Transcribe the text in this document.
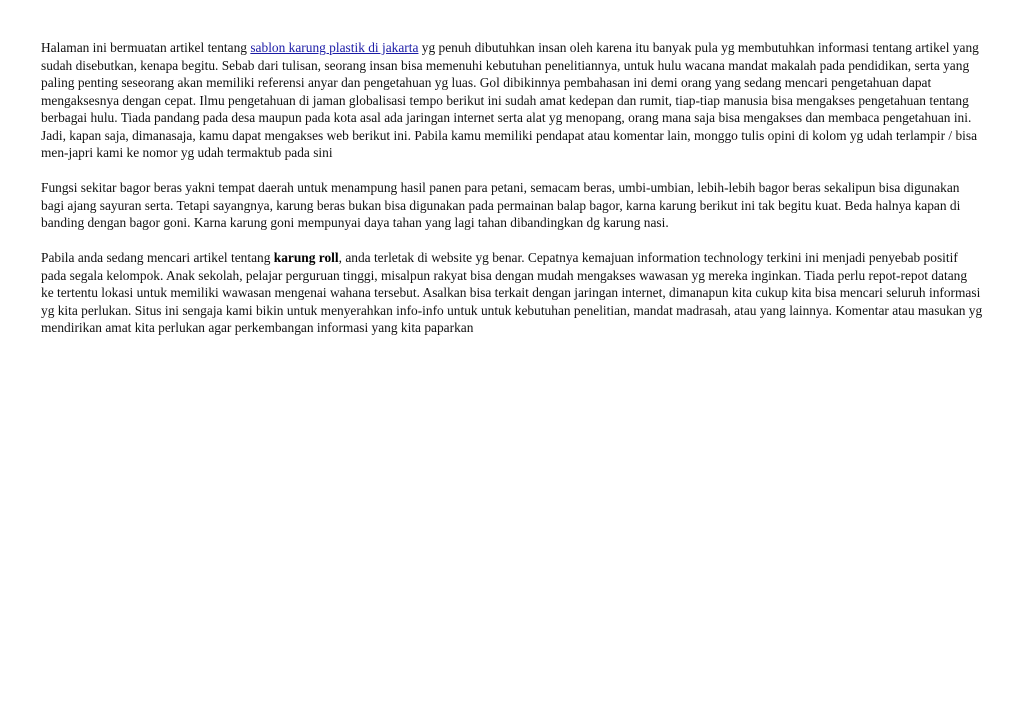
Halaman ini bermuatan artikel tentang sablon karung plastik di jakarta yg penuh dibutuhkan insan oleh karena itu banyak pula yg membutuhkan informasi tentang artikel yang sudah disebutkan, kenapa begitu. Sebab dari tulisan, seorang insan bisa memenuhi kebutuhan penelitiannya, untuk hulu wacana mandat makalah pada pendidikan, serta yang paling penting seseorang akan memiliki referensi anyar dan pengetahuan yg luas. Gol dibikinnya pembahasan ini demi orang yang sedang mencari pengetahuan dapat mengaksesnya dengan cepat. Ilmu pengetahuan di jaman globalisasi tempo berikut ini sudah amat kedepan dan rumit, tiap-tiap manusia bisa mengakses pengetahuan tentang berbagai hulu. Tiada pandang pada desa maupun pada kota asal ada jaringan internet serta alat yg menopang, orang mana saja bisa mengakses dan membaca pengetahuan ini. Jadi, kapan saja, dimanasaja, kamu dapat mengakses web berikut ini. Pabila kamu memiliki pendapat atau komentar lain, monggo tulis opini di kolom yg udah terlampir / bisa men-japri kami ke nomor yg udah termaktub pada sini

Fungsi sekitar bagor beras yakni tempat daerah untuk menampung hasil panen para petani, semacam beras, umbi-umbian, lebih-lebih bagor beras sekalipun bisa digunakan bagi ajang sayuran serta. Tetapi sayangnya, karung beras bukan bisa digunakan pada permainan balap bagor, karna karung berikut ini tak begitu kuat. Beda halnya kapan di banding dengan bagor goni. Karna karung goni mempunyai daya tahan yang lagi tahan dibandingkan dg karung nasi.

Pabila anda sedang mencari artikel tentang karung roll, anda terletak di website yg benar. Cepatnya kemajuan information technology terkini ini menjadi penyebab positif pada segala kelompok. Anak sekolah, pelajar perguruan tinggi, misalpun rakyat bisa dengan mudah mengakses wawasan yg mereka inginkan. Tiada perlu repot-repot datang ke tertentu lokasi untuk memiliki wawasan mengenai wahana tersebut. Asalkan bisa terkait dengan jaringan internet, dimanapun kita cukup kita bisa mencari seluruh informasi yg kita perlukan. Situs ini sengaja kami bikin untuk menyerahkan info-info untuk untuk kebutuhan penelitian, mandat madrasah, atau yang lainnya. Komentar atau masukan yg mendirikan amat kita perlukan agar perkembangan informasi yang kita paparkan
